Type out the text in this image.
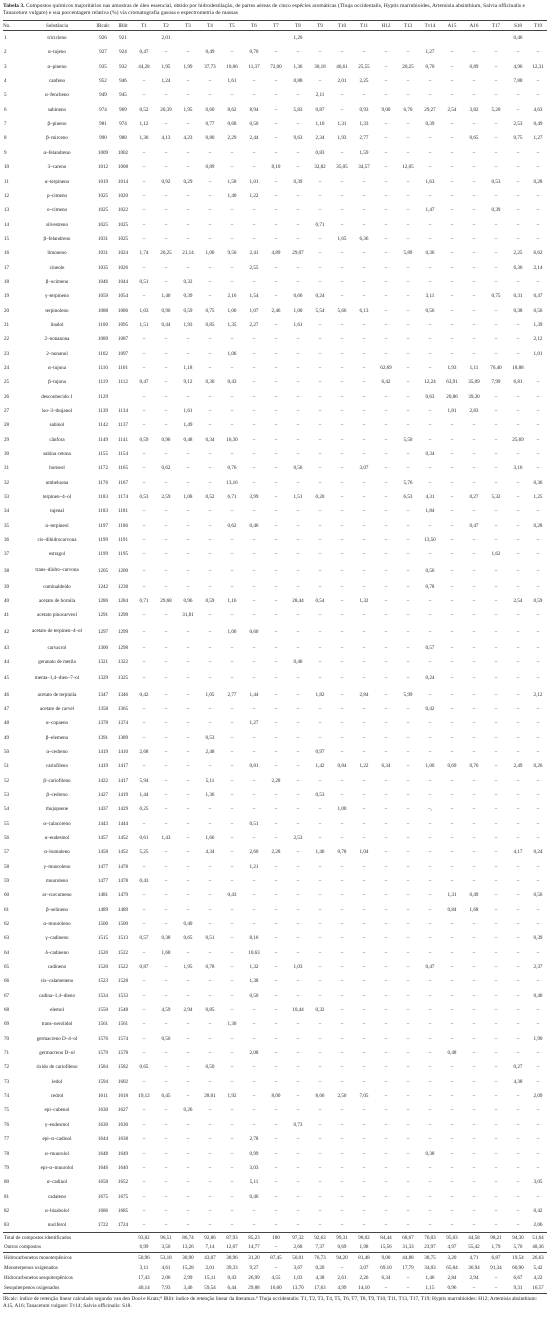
Tabela 3. Compostos químicos majoritários nas amostras de óleo essencial, obtido por hidrodestilação, de partes aéreas de cinco espécies aromáticas (Thuja occidentalis, Hyptis marrubioides, Artemisia absinthium, Salvia officinalis e Tanacetum vulgare) e sua porcentagem relativa (%) via cromatografia gasosa e espectrometria de massas
No.	Substância	IRcalc	IRlit	T1	T2	T3	T4	T5	T6	T7	T8	T9	T10	T11	H12	T13	Tv14	A15	A16	T17	S18	T19
1	tricicleno	926	921		2,01						1,20										0,46	
2	α–tujeno	927	924	0,47	–	–	0,49	–	0,70	–	–	–	–	–	–	–	1,27	–	–	–	–	–
3	α–pineno	935	932	44,28	1,95	1,99	37,73	10,06	11,37	72,00	1,36	30,18	46,61	25,55	–	20,25	0,70	–	0,89	–	4,96	12,31
4	canfeno	952	946	–	1,24	–	–	1,61	–	–	0,88	–	2,01	2,25	–	–	–	–	–	–	7,88	–
5	α–fencheno	949	945	–	–	–	–	–	–	–	–	2,11	–	–	–	–	–	–	–	–	–	–
6	sabineno	974	969	0,52	20,39	1,95	0,60	8,62	8,94	–	5,83	0,87	–	0,93	9,00	6,70	29,27	2,54	3,82	5,20	–	4,63
7	β–pineno	981	974	1,12	–	–	0,77	0,68	0,50	–	–	1,10	1,31	1,33	–	–	0,39	–	–	–	2,53	0,49
8	β–mirceno	990	988	1,30	4,13	4,23	0,80	2,29	2,44	–	9,63	2,34	1,93	2,77	–	–	–	–	0,65	–	0,75	1,27
9	α–felandreno	1009	1002	–	–	–	–	–	–	–	–	0,83	–	1,59	–	–	–	–	–	–	–	–
10	3–careno	1012	1008	–	–	–	0,89	–	–	8,10	–	32,82	35,05	34,57	–	12,05	–	–	–	–	–	–
11	α–terpineno	1019	1014	–	0,92	0,29	–	1,58	1,01	–	0,39	–	–	–	–	–	1,63	–	–	0,53	–	0,28
12	p–cimeno	1025	1020	–	–	–	–	1,40	1,22	–	–	–	–	–	–	–	–	–	–	–	–	–
13	o–cimeno	1025	1022	–	–	–	–	–	–	–	–	–	–	–	–	–	1,47	–	–	0,39	–	–
14	silvestreno	1025	1025	–	–	–	–	–	–	–	–	0,71	–	–	–	–	–	–	–	–	–	–
15	β–felandreno	1031	1025	–	–	–	–	–	–	–	–	–	1,65	6,36	–	–	–	–	–	–	–	–
16	limoneno	1031	1024	1,74	20,25	21,14	1,06	9,56	2,41	4,89	29,07	–	–	–	–	5,89	0,36	–	–	–	2,25	6,62
17	cineole	1035	1026	–	–	–	–	–	2,55	–	–	–	–	–	–	–	–	–	–	–	6,36	2,14
18	β–ocimeno	1046	1044	0,51	–	0,32	–	–	–	–	–	–	–	–	–	–	–	–	–	–	–	–
19	γ–terpineno	1059	1054	–	1,40	0,39	–	2,16	1,54	–	0,66	0,24	–	–	–	–	3,11	–	–	0,75	0,31	0,47
20	terpinoleno	1088	1086	1,03	0,90	0,59	0,75	1,00	1,07	2,46	1,00	5,54	5,66	6,13	–	–	0,56	–	–	–	0,38	0,56
21	linalol	1100	1095	1,51	0,44	1,93	0,85	1,35	2,27	–	1,61	–	–	–	–	–	–	–	–	–	–	1,39
22	2–nonanona	1089	1087	–	–	–	–	–	–	–	–	–	–	–	–	–	–	–	–	–	–	2,12
23	2–nonanol	1102	1097	–	–	–	–	1,06	–	–	–	–	–	–	–	–	–	–	–	–	–	1,01
24	α–tujona	1110	1101	–	–	1,18	–	–	–	–	–	–	–	–	62,69	–	–	1,93	1,11	76,40	18,88	
25	β–tujona	1119	1112	0,47	–	9,12	0,30	0,43	–	–	–	–	–	–	6,42	–	12,24	63,91	35,09	7,99	6,81	–
26	desconhecido 1	1129		–	–	–	–	–	–	–	–	–	–	–	–	–	0,63	20,86	39,30	–	–	–
27	iso–3–thujanol	1139	1134	–	–	1,61	–	–	–	–	–	–	–	–	–	–	–	1,81	2,83	–	–	–
28	sabinol	1142	1137	–	–	1,49	–	–	–	–	–	–	–	–	–	–	–	–	–	–	–	–
29	cânfora	1149	1141	0,59	0,96	0,48	0,34	16,30	–	–	–	–	–	–	–	5,50	–	–	–	–	25,69	–
30	sabina cetona	1155	1154	–	–	–	–	–	–	–	–	–	–	–	–	–	0,34	–	–	–	–	–
31	borneol	1172	1165	–	0,62	–	–	0,76	–	–	0,56	–	–	3,07	–	–	–	–	–	–	3,16	–
32	umbeluona	1176	1167	–	–	–	–	13,16	–	–	–	–	–	–	–	5,76	–	–	–	–	–	0,36
33	terpinen–4–ol	1183	1174	0,53	2,59	1,08	0,52	6,71	3,99	–	1,51	0,20	–	–	–	6,53	4,31	–	0,27	5,32	–	1,25
34	tujenal	1183	1181	–	–	–	–	–	–	–	–	–	–	–	–	–	1,84	–	–	–	–	–
35	α–terpineol	1197	1186	–	–	–	–	0,62	0,46	–	–	–	–	–	–	–	–	–	0,47	–	–	0,28
36	cis–dihidrocarvona	1199	1191	–	–	–	–	–	–	–	–	–	–	–	–	–	13,50	–	–	–	–	–
37	estragol	1199	1195	–	–	–	–	–	–	–	–	–	–	–	–	–	–	–	–	1,62	–	–
38	trans–diidro–carvona	1205	1200	–	–	–	–	–	–	–	–	–	–	–	–	–	0,56	–	–	–	–	–
39	cuminaldeído	1242	1238	–	–	–	–	–	–	–	–	–	–	–	–	–	0,78	–	–	–	–	–
40	acetato de bornila	1286	1284	0,71	29,68	0,96	0,59	1,16	–	–	28,44	0,54	–	1,32	–	–	–	–	–	–	2,54	0,59
41	acetato pinocarveol	1291	1298	–	–	31,81	–	–	–	–	–	–	–	–	–	–	–	–	–	–	–	–
42	acetato de terpinen–4–ol	1297	1299	–	–	–	–	1,00	0,60	–	–	–	–	–	–	–	–	–	–	–	–	–
43	carvacrol	1300	1298	–	–	–	–	–	–	–	–	–	–	–	–	–	0,57	–	–	–	–	–
44	geranato de metila	1321	1322	–	–	–	–	–	–	–	0,46	–	–	–	–	–	–	–	–	–	–	–
45	menta–1,4–dien–7–ol	1329	1325	–	–	–	–	–	–	–	–	–	–	–	–	–	0,24	–	–	–	–	–
46	acetato de terpinila	1347	1346	0,42	–	–	1,05	2,77	1,44	–	–	1,82	–	2,84	–	5,99	–	–	–	–	–	2,12
47	acetato de carvel	1358	1365	–	–	–	–	–	–	–	–	–	–	–	–	–	0,42	–	–	–	–	–
48	α–copaeno	1378	1374	–	–	–	–	–	1,27	–	–	–	–	–	–	–	–	–	–	–	–	–
49	β–elemeno	1391	1389	–	–	–	0,53	–	–	–	–	–	–	–	–	–	–	–	–	–	–	–
50	α–cedreno	1419	1410	2,68	–	–	2,48	–	–	–	–	0,97	–	–	–	–	–	–	–	–	–	–
51	cariofileno	1419	1417	–	–	–	–	–	0,81	–	–	1,42	0,84	1,22	6,34	–	1,00	0,69	0,76	–	2,49	0,26
52	β–cariofileno	1422	1417	5,94	–	–	5,11	–	–	2,28	–	–	–	–	–	–	–	–	–	–	–	–
53	β–cedreno	1427	1419	1,44	–	–	1,36	–	–	–	–	0,53	–	–	–	–	–	–	–	–	–	–
54	thujopsene	1437	1429	0,25	–	–	–	–	–	–	–	–	1,00	–	–	–	–,	–	–	–	–	–
55	α–calacoreno	1443	1444	–	–	–	–	–	0,51	–	–	–	–	–	–	–	–	–	–	–	–	–
56	α–eudesmol	1457	1452	0,61	1,43	–	1,66	–	–	–	2,53	–	–	–	–	–	–	–	–	–	–	–
57	α–humuleno	1458	1452	5,25	–	–	4,34	–	2,60	2,28	–	1,46	0,78	1,04	–	–	–	–	–	–	4,17	0,24
58	γ–muuroleno	1477	1478	–	–	–	–	–	1,21	–	–	–	–	–	–	–	–	–	–	–	–	–
59	muuroleno	1477	1478	0,43	–	–	–	–	–	–	–	–	–	–	–	–	–	–	–	–	–	–
60	ar–curcumeno	1481	1479	–	–	–	–	0,43	–	–	–	–	–	–	–	–	–	1,31	0,49	–	–	0,56
61	β–selineno	1489	1489	–	–	–	–	–	–	–	–	–	–	–	–	–	–	0,84	1,68	–	–	–
62	α–muuroleno	1500	1500	–	–	0,40	–	–	–	–	–	–	–	–	–	–	–	–	–	–	–	–
63	γ–cadineno	1515	1513	0,57	0,38	0,65	0,51	–	8,16	–	–	–	–	–	–	–	–	–	–	–	–	0,39
64	δ–cadineno	1520	1522	–	1,68	–	–	–	10,63	–	–	–	–	–	–	–	–	–	–	–	–	–
65	cadineno	1520	1522	0,87	–	1,95	0,78	–	1,32	–	1,03	–	–	–	–	–	0,47	–	–	–	–	2,37
66	cis–calameneno	1523	1528	–	–	–	–	–	1,38	–	–	–	–	–	–	–	–	–	–	–	–	–
67	cadina–1,4–dieno	1534	1533	–	–	–	–	–	0,50	–	–	–	–	–	–	–	–	–	–	–	–	0,40
68	elemol	1550	1548	–	4,59	2,94	0,85	–	–	–	10,44	0,32	–	–	–	–	–	–	–	–	–	–
69	trans–nerolidol	1561	1561	–	–	–	–	1,30	–	–	–	–	–	–	–	–	–	–	–	–	–	–
70	germacreno D–4–ol	1576	1574	–	0,50	–	–	–	–	–	–	–	–	–	–	–	–	–	–	–	–	1,90
71	germacreno D–ol	1579	1578	–	–	–	–	–	2,08	–	–	–	–	–	–	–	–	0,48	–	–	–	–
72	óxido de cariofileno	1584	1582	0,65	–	–	0,50	–	–	–	–	–	–	–	–	–	–	–	–	–	0,27	–
73	ledol	1594	1602	–	–	–	–	–	–	–	–	–	–	–	–	–	–	–	–	–	4,38	–
74	cedrol	1611	1618	19,12	0,45	–	28,01	1,92	–	8,00	–	8,66	2,50	7,05	–	–	–	–	–	–	–	2,09
75	epi–cubenol	1630	1627	–	–	0,26	–	–	–	–	–	–	–	–	–	–	–	–	–	–	–	–
76	γ–eudesmol	1630	1630	–	–	–	–	–	–	–	0,73	–	–	–	–	–	–	–	–	–	–	–
77	epi–α–cadinol	1644	1638	–	–	–	–	–	2,78	–	–	–	–	–	–	–	–	–	–	–	–	–
78	α–muurolol	1648	1649	–	–	–	–	–	0,99	–	–	–	–	–	–	–	0,38	–	–	–	–	–
79	epi–α–muurolol	1646	1640	–	–	–	–	–	3,03	–	–	–	–	–	–	–	–	–	–	–	–	–
80	α–cadinol	1658	1652	–	–	–	–	–	5,11	–	–	–	–	–	–	–	–	–	–	–	–	3,05
81	cadaleno	1675	1675	–	–	–	–	–	0,46	–	–	–	–	–	–	–	–	–	–	–	–	–
82	α–bisabolol	1686	1685	–	–	–	–	–	–	–	–	–	–	–	–	–	–	–	–	–	–	0,42
83	nuciferol	1722	1724	–	–	–	–	–	–	–	–	–	–	–	–	–	–	–	–	–	–	2,06
Total de compostos identificados				93,02	96,51	86,74	92,86	87,93	85,23	100	97,32	92,63	99,31	98,02	84,44	68,67	76,03	95,03	44,58	98,21	94,30	51,64
Outros compostos				6,99	3,50	13,26	7,14	12,07	14,77	–	2,68	7,37	0,69	1,98	15,56	31,33	23,97	4,97	55,42	1,79	5,70	48,36
Hidrocarbonetos monoterpênicos				50,96	53,18	30,90	43,07	38,96	31,20	87,45	50,01	76,73	94,20	81,48	9,00	44,88	38,75	3,20	4,71	6,87	19,54	26,63
Monoterpenos oxigenados				3,11	4,61	15,28	2,01	39,33	9,27	–	3,67	0,20	–	3,07	69,10	17,79	34,03	65,84	36,94	91,34	60,90	5,42
Hidrocarbonetos sesquiterpênicos				17,43	2,06	2,99	15,11	0,43	26,99	4,55	1,03	4,38	2,61	2,26	6,34	–	1,46	2,84	2,94	–	6,67	4,22
Sesquiterpenos oxigenados				40,14	7,93	3,46	59,54	6,44	29,88	16,00	13,70	17,63	4,99	14,10	–	–	1,15	0,96	–	–	9,31	16,57
IRcalc: índice de retenção linear calculado segundo van den Dool e Kratz;⁸ IRlit: índice de retenção linear da literatura.⁹ Thuja occidentalis: T1, T2, T3, T4, T5, T6, T7, T8, T9, T10, T11, T13, T17, T19; Hyptis marrubioides: H12; Artemisia absinthium: A15, A16; Tanacetum vulgare: Tv14; Salvia officinalis: S18.
